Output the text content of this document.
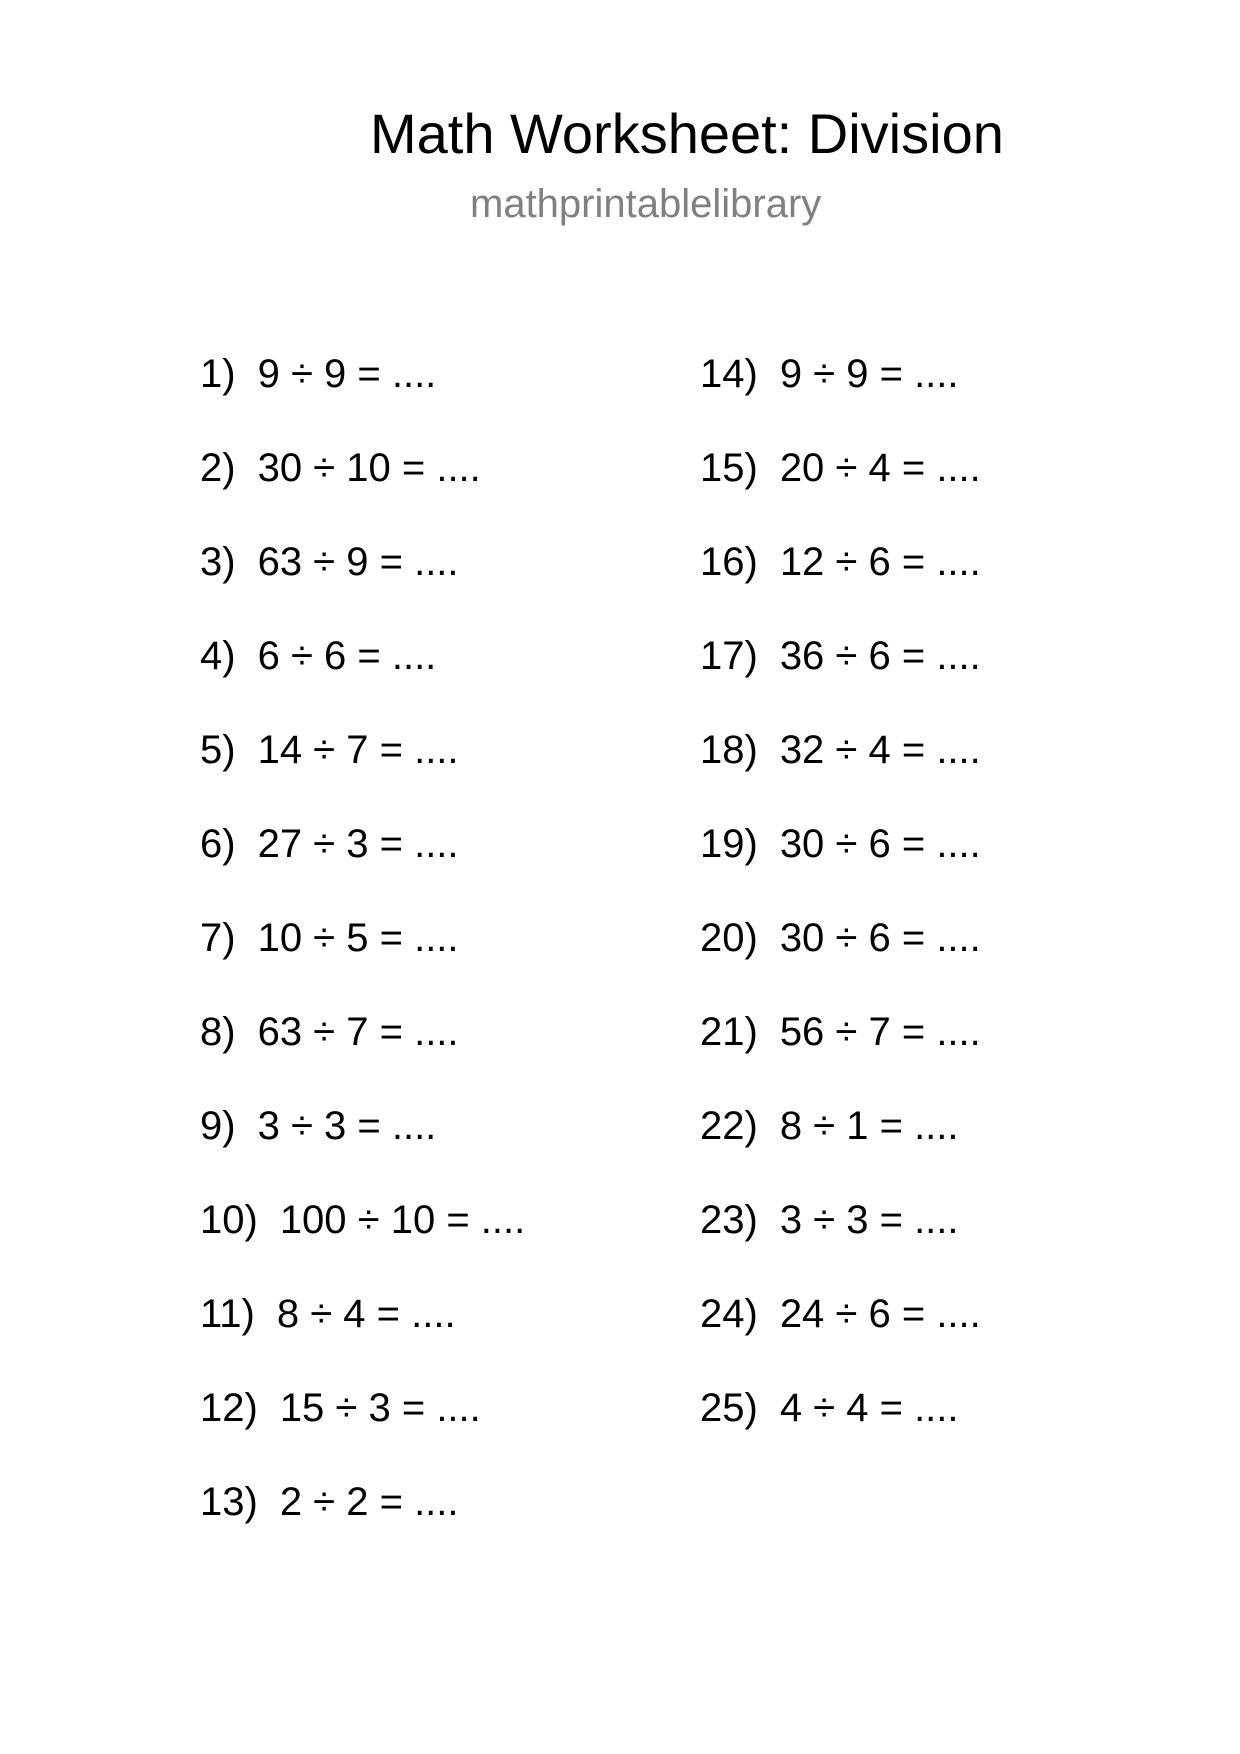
Math Worksheet: Division
mathprintablelibrary
1) 9 ÷ 9 = ....
2) 30 ÷ 10 = ....
3) 63 ÷ 9 = ....
4) 6 ÷ 6 = ....
5) 14 ÷ 7 = ....
6) 27 ÷ 3 = ....
7) 10 ÷ 5 = ....
8) 63 ÷ 7 = ....
9) 3 ÷ 3 = ....
10) 100 ÷ 10 = ....
11) 8 ÷ 4 = ....
12) 15 ÷ 3 = ....
13) 2 ÷ 2 = ....
14) 9 ÷ 9 = ....
15) 20 ÷ 4 = ....
16) 12 ÷ 6 = ....
17) 36 ÷ 6 = ....
18) 32 ÷ 4 = ....
19) 30 ÷ 6 = ....
20) 30 ÷ 6 = ....
21) 56 ÷ 7 = ....
22) 8 ÷ 1 = ....
23) 3 ÷ 3 = ....
24) 24 ÷ 6 = ....
25) 4 ÷ 4 = ....
